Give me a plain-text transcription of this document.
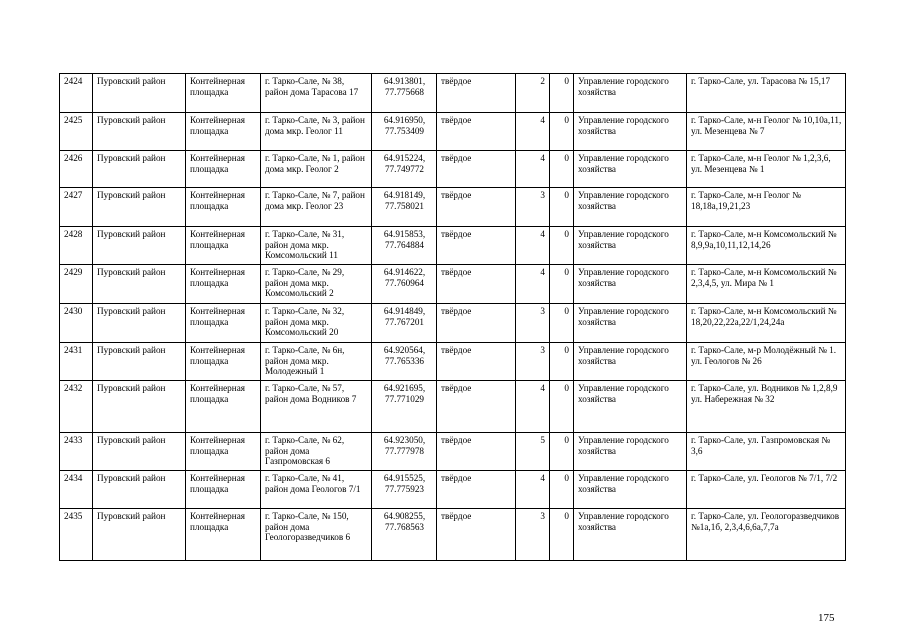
2424	Пуровский район	Контейнерная площадка	г. Тарко-Сале, № 38, район дома Тарасова 17	64.913801, 77.775668	твёрдое	2	0	Управление городского хозяйства	г. Тарко-Сале, ул. Тарасова № 15,17
2425	Пуровский район	Контейнерная площадка	г. Тарко-Сале, № 3, район дома мкр. Геолог 11	64.916950, 77.753409	твёрдое	4	0	Управление городского хозяйства	г. Тарко-Сале, м-н Геолог № 10,10а,11, ул. Мезенцева № 7
2426	Пуровский район	Контейнерная площадка	г. Тарко-Сале, № 1, район дома мкр. Геолог 2	64.915224, 77.749772	твёрдое	4	0	Управление городского хозяйства	г. Тарко-Сале, м-н Геолог № 1,2,3,6, ул. Мезенцева № 1
2427	Пуровский район	Контейнерная площадка	г. Тарко-Сале, № 7, район дома мкр. Геолог 23	64.918149, 77.758021	твёрдое	3	0	Управление городского хозяйства	г. Тарко-Сале, м-н Геолог № 18,18а,19,21,23
2428	Пуровский район	Контейнерная площадка	г. Тарко-Сале, № 31, район дома мкр. Комсомольский 11	64.915853, 77.764884	твёрдое	4	0	Управление городского хозяйства	г. Тарко-Сале, м-н Комсомольский № 8,9,9а,10,11,12,14,26
2429	Пуровский район	Контейнерная площадка	г. Тарко-Сале, № 29, район дома мкр. Комсомольский 2	64.914622, 77.760964	твёрдое	4	0	Управление городского хозяйства	г. Тарко-Сале, м-н Комсомольский № 2,3,4,5, ул. Мира № 1
2430	Пуровский район	Контейнерная площадка	г. Тарко-Сале, № 32, район дома мкр. Комсомольский 20	64.914849, 77.767201	твёрдое	3	0	Управление городского хозяйства	г. Тарко-Сале, м-н Комсомольский № 18,20,22,22а,22/1,24,24а
2431	Пуровский район	Контейнерная площадка	г. Тарко-Сале, № 6н, район дома мкр. Молодежный 1	64.920564, 77.765336	твёрдое	3	0	Управление городского хозяйства	г. Тарко-Сале, м-р Молодёжный № 1. ул. Геологов № 26
2432	Пуровский район	Контейнерная площадка	г. Тарко-Сале, № 57, район дома Водников 7	64.921695, 77.771029	твёрдое	4	0	Управление городского хозяйства	г. Тарко-Сале, ул. Водников № 1,2,8,9 ул. Набережная № 32
2433	Пуровский район	Контейнерная площадка	г. Тарко-Сале, № 62, район дома Газпромовская 6	64.923050, 77.777978	твёрдое	5	0	Управление городского хозяйства	г. Тарко-Сале, ул. Газпромовская № 3,6
2434	Пуровский район	Контейнерная площадка	г. Тарко-Сале, № 41, район дома Геологов 7/1	64.915525, 77.775923	твёрдое	4	0	Управление городского хозяйства	г. Тарко-Сале, ул. Геологов № 7/1, 7/2
2435	Пуровский район	Контейнерная площадка	г. Тарко-Сале, № 150, район дома Геологоразведчиков 6	64.908255, 77.768563	твёрдое	3	0	Управление городского хозяйства	г. Тарко-Сале, ул. Геологоразведчиков №1а,1б, 2,3,4,6,6а,7,7а
175
